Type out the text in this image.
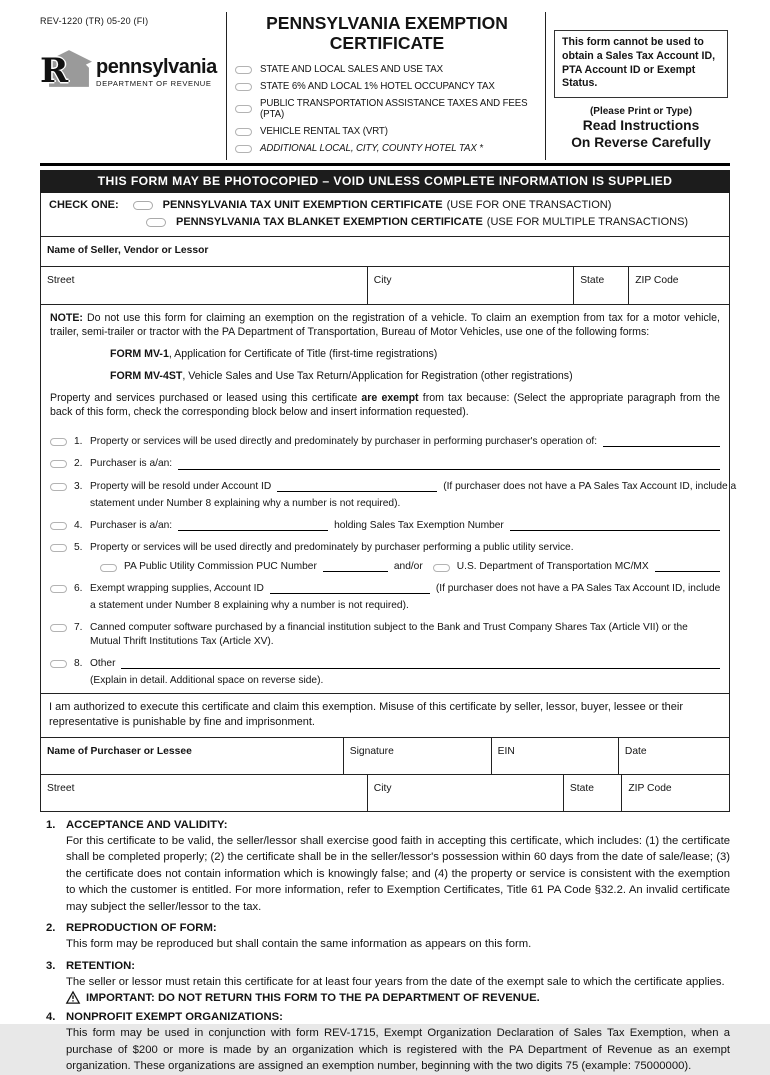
REV-1220 (TR) 05-20 (FI)
R pennsylvania
DEPARTMENT OF REVENUE
PENNSYLVANIA EXEMPTION
CERTIFICATE
STATE AND LOCAL SALES AND USE TAX
STATE 6% AND LOCAL 1% HOTEL OCCUPANCY TAX
PUBLIC TRANSPORTATION ASSISTANCE TAXES AND FEES (PTA)
VEHICLE RENTAL TAX (VRT)
ADDITIONAL LOCAL, CITY, COUNTY HOTEL TAX *
This form cannot be used to obtain a Sales Tax Account ID, PTA Account ID or Exempt Status.
(Please Print or Type)
Read Instructions
On Reverse Carefully
THIS FORM MAY BE PHOTOCOPIED – VOID UNLESS COMPLETE INFORMATION IS SUPPLIED
CHECK ONE:	PENNSYLVANIA TAX UNIT EXEMPTION CERTIFICATE (USE FOR ONE TRANSACTION)
PENNSYLVANIA TAX BLANKET EXEMPTION CERTIFICATE (USE FOR MULTIPLE TRANSACTIONS)
Name of Seller, Vendor or Lessor
Street	City	State	ZIP Code

NOTE: Do not use this form for claiming an exemption on the registration of a vehicle. To claim an exemption from tax for a motor vehicle, trailer, semi-trailer or tractor with the PA Department of Transportation, Bureau of Motor Vehicles, use one of the following forms:

FORM MV-1, Application for Certificate of Title (first-time registrations)
FORM MV-4ST, Vehicle Sales and Use Tax Return/Application for Registration (other registrations)

Property and services purchased or leased using this certificate are exempt from tax because: (Select the appropriate paragraph from the back of this form, check the corresponding block below and insert information requested).

1. Property or services will be used directly and predominately by purchaser in performing purchaser's operation of:
2. Purchaser is a/an:
3. Property will be resold under Account ID	(If purchaser does not have a PA Sales Tax Account ID, include a
statement under Number 8 explaining why a number is not required).
4. Purchaser is a/an:	holding Sales Tax Exemption Number
5. Property or services will be used directly and predominately by purchaser performing a public utility service.
PA Public Utility Commission PUC Number	and/or	U.S. Department of Transportation MC/MX
6. Exempt wrapping supplies, Account ID	(If purchaser does not have a PA Sales Tax Account ID, include
a statement under Number 8 explaining why a number is not required).
7. Canned computer software purchased by a financial institution subject to the Bank and Trust Company Shares Tax (Article VII) or the Mutual Thrift Institutions Tax (Article XV).
8. Other
(Explain in detail. Additional space on reverse side).
I am authorized to execute this certificate and claim this exemption. Misuse of this certificate by seller, lessor, buyer, lessee or their representative is punishable by fine and imprisonment.
Name of Purchaser or Lessee	Signature	EIN	Date
Street	City	State	ZIP Code
1. ACCEPTANCE AND VALIDITY:
For this certificate to be valid, the seller/lessor shall exercise good faith in accepting this certificate, which includes: (1) the certificate shall be completed properly; (2) the certificate shall be in the seller/lessor's possession within 60 days from the date of sale/lease; (3) the certificate does not contain information which is knowingly false; and (4) the property or service is consistent with the exemption to which the customer is entitled. For more information, refer to Exemption Certificates, Title 61 PA Code §32.2. An invalid certificate may subject the seller/lessor to the tax.
2. REPRODUCTION OF FORM:
This form may be reproduced but shall contain the same information as appears on this form.
3. RETENTION:
The seller or lessor must retain this certificate for at least four years from the date of the exempt sale to which the certificate applies.
IMPORTANT: DO NOT RETURN THIS FORM TO THE PA DEPARTMENT OF REVENUE.
4. NONPROFIT EXEMPT ORGANIZATIONS:
This form may be used in conjunction with form REV-1715, Exempt Organization Declaration of Sales Tax Exemption, when a purchase of $200 or more is made by an organization which is registered with the PA Department of Revenue as an exempt organization. These organizations are assigned an exemption number, beginning with the two digits 75 (example: 75000000).
